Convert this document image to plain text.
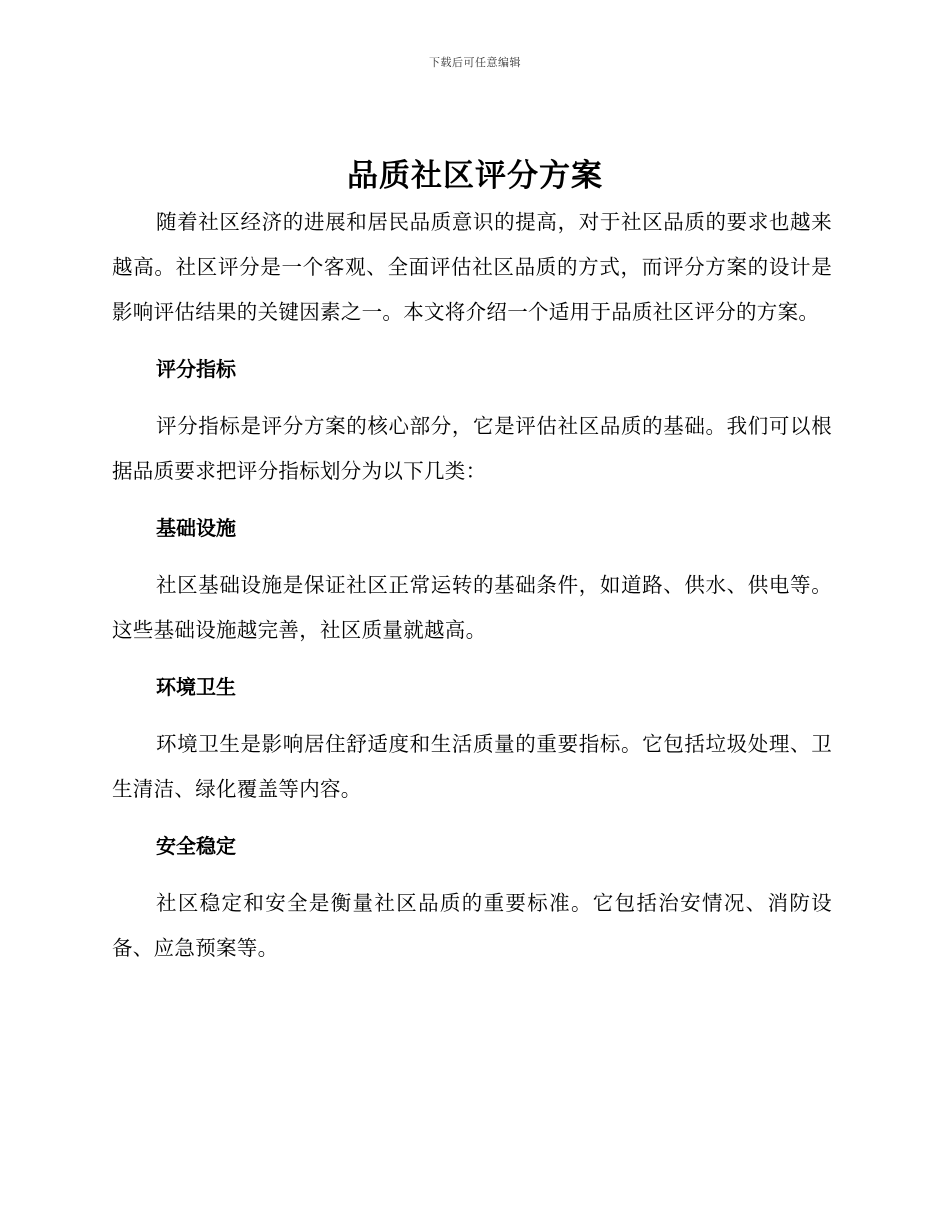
下载后可任意编辑
品质社区评分方案

随着社区经济的进展和居民品质意识的提高，对于社区品质的要求也越来越高。社区评分是一个客观、全面评估社区品质的方式，而评分方案的设计是影响评估结果的关键因素之一。本文将介绍一个适用于品质社区评分的方案。

评分指标

评分指标是评分方案的核心部分，它是评估社区品质的基础。我们可以根据品质要求把评分指标划分为以下几类：

基础设施

社区基础设施是保证社区正常运转的基础条件，如道路、供水、供电等。这些基础设施越完善，社区质量就越高。

环境卫生

环境卫生是影响居住舒适度和生活质量的重要指标。它包括垃圾处理、卫生清洁、绿化覆盖等内容。

安全稳定

社区稳定和安全是衡量社区品质的重要标准。它包括治安情况、消防设备、应急预案等。
